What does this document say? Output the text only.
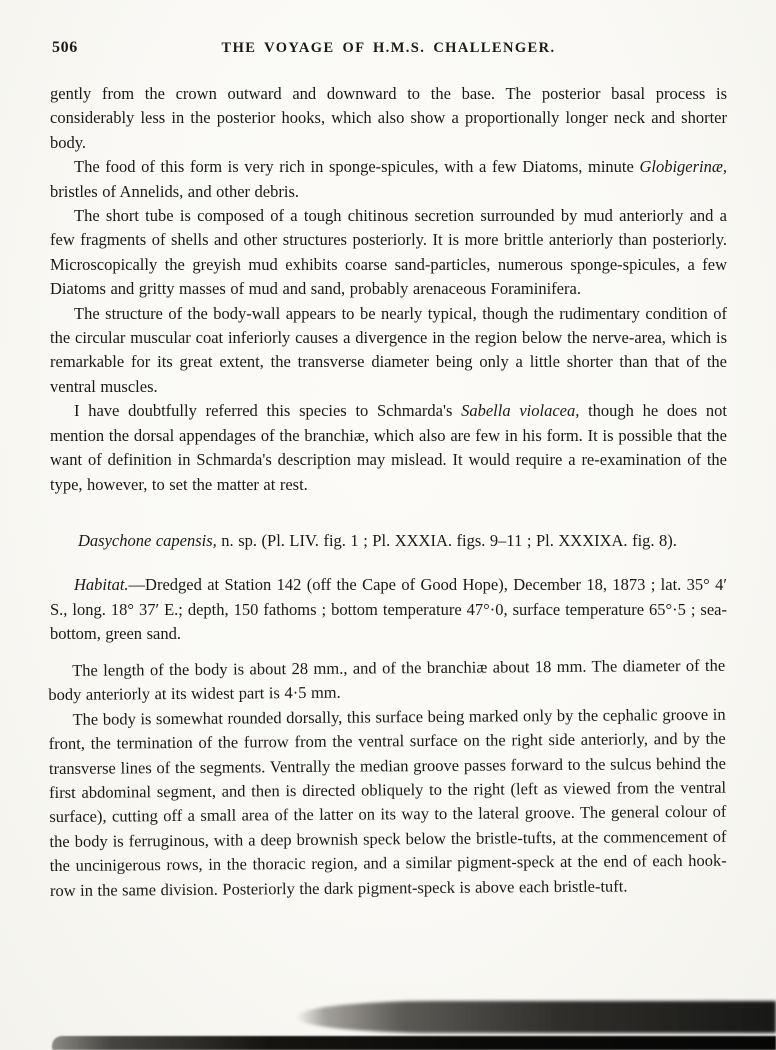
506	THE VOYAGE OF H.M.S. CHALLENGER.

gently from the crown outward and downward to the base. The posterior basal process is considerably less in the posterior hooks, which also show a proportionally longer neck and shorter body.

The food of this form is very rich in sponge-spicules, with a few Diatoms, minute Globigerinæ, bristles of Annelids, and other debris.

The short tube is composed of a tough chitinous secretion surrounded by mud anteriorly and a few fragments of shells and other structures posteriorly. It is more brittle anteriorly than posteriorly. Microscopically the greyish mud exhibits coarse sand-particles, numerous sponge-spicules, a few Diatoms and gritty masses of mud and sand, probably arenaceous Foraminifera.

The structure of the body-wall appears to be nearly typical, though the rudimentary condition of the circular muscular coat inferiorly causes a divergence in the region below the nerve-area, which is remarkable for its great extent, the transverse diameter being only a little shorter than that of the ventral muscles.

I have doubtfully referred this species to Schmarda's Sabella violacea, though he does not mention the dorsal appendages of the branchiæ, which also are few in his form. It is possible that the want of definition in Schmarda's description may mislead. It would require a re-examination of the type, however, to set the matter at rest.

Dasychone capensis, n. sp. (Pl. LIV. fig. 1 ; Pl. XXXIA. figs. 9–11 ; Pl. XXXIXA. fig. 8).

Habitat.—Dredged at Station 142 (off the Cape of Good Hope), December 18, 1873 ; lat. 35° 4′ S., long. 18° 37′ E.; depth, 150 fathoms ; bottom temperature 47°·0, surface temperature 65°·5 ; sea-bottom, green sand.

The length of the body is about 28 mm., and of the branchiæ about 18 mm. The diameter of the body anteriorly at its widest part is 4·5 mm.

The body is somewhat rounded dorsally, this surface being marked only by the cephalic groove in front, the termination of the furrow from the ventral surface on the right side anteriorly, and by the transverse lines of the segments. Ventrally the median groove passes forward to the sulcus behind the first abdominal segment, and then is directed obliquely to the right (left as viewed from the ventral surface), cutting off a small area of the latter on its way to the lateral groove. The general colour of the body is ferruginous, with a deep brownish speck below the bristle-tufts, at the commencement of the uncinigerous rows, in the thoracic region, and a similar pigment-speck at the end of each hook-row in the same division. Posteriorly the dark pigment-speck is above each bristle-tuft.
